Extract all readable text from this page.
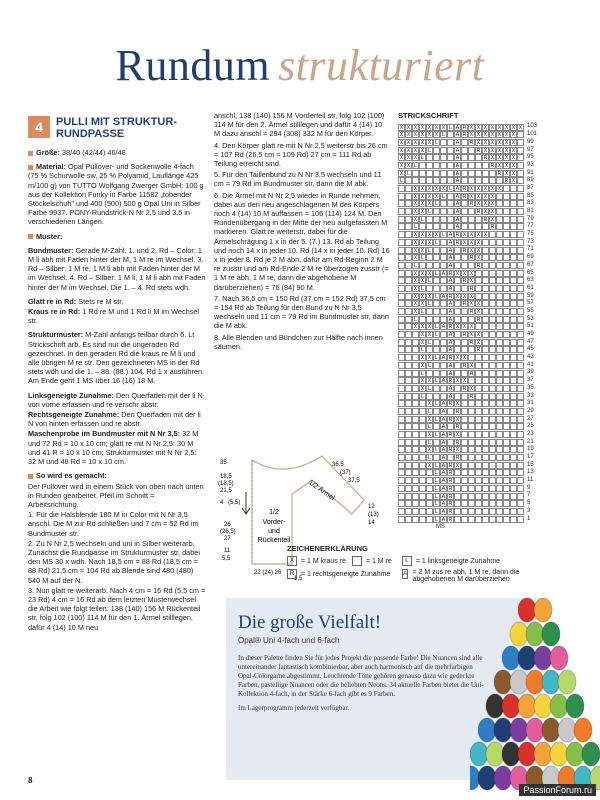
Rundum strukturiert
4 PULLI MIT STRUKTUR-RUNDPASSE

Größe: 38/40 (42/44) 46/48

Material: Opal Pullover- und Sockenwolle 4-fach (75 % Schurwolle sw, 25 % Polyamid, Lauflänge 425 m/100 g) von TUTTO Wolfgang Zwerger GmbH: 100 g aus der Kollektion Funky in Farbe 11582 „tobender Stöckelschuh" und 400 (500) 500 g Opal Uni in Silber Farbe 9937. PONY-Rundstrick-N Nr 2,5 und 3,5 in verschiedenen Längen.

Muster:

Bundmuster: Gerade M-Zahl. 1. und 2. Rd – Color: 1 M li abh mit Faden hinter der M, 1 M re im Wechsel. 3. Rd – Silber: 1 M re, 1 M li abh mit Faden hinter der M im Wechsel. 4. Rd – Silber: 1 M li, 1 M li abh mit Faden hinter der M im Wechsel. Die 1. – 4. Rd stets wdh.

Glatt re in Rd: Stets re M str.

Kraus re in Rd: 1 Rd re M und 1 Rd li M im Wechsel str.

Strukturmuster: M-Zahl anfangs teilbar durch 6. Lt Strickschrift arb. Es sind nur die ungeraden Rd gezeichnet. In den geraden Rd die kraus re M li und alle übrigen M re str. Den gezeichneten MS in der Rd stets wdh und die 1. – 88. (88.) 104. Rd 1 x ausführen. Am Ende geht 1 MS über 16 (16) 18 M.

Linksgeneigte Zunahme: Den Querfaden mit der li N von vorne erfassen und re verschr abstr.

Rechtsgeneigte Zunahme: Den Querfaden mit der li N von hinten erfassen und re abstr.

Maschenprobe im Bundmuster mit N Nr 3,5: 32 M und 72 Rd = 10 x 10 cm; glatt re mit N Nr 2,5: 30 M und 41 R = 10 x 10 cm; Strukturmuster mit N Nr 2,5: 32 M und 48 Rd = 10 x 10 cm.

So wird es gemacht:

Der Pullover wird in einem Stück von oben nach unten in Runden gearbeitet. Pfeil im Schnitt = Arbeitsrichtung.

1. Für die Halsblende 180 M in Color mit N Nr 3,5 anschl. Die M zur Rd schließen und 7 cm = 52 Rd im Bundmuster str.

2. Zu N Nr 2,5 wechseln und uni in Silber weiterarb. Zunächst die Rundpasse im Strukturmuster str, dabei den MS 30 x wdh. Nach 18,5 cm = 88 Rd (18,5 cm = 88 Rd) 21,5 cm = 104 Rd ab Blende sind 480 (480) 540 M auf der N.

3. Nun glatt re weiterarb. Nach 4 cm = 16 Rd (5,5 cm = 23 Rd) 4 cm = 16 Rd ab dem letzten Musterwechsel die Arbeit wie folgt teilen: 138 (140) 156 M Rückenteil str, folg 102 (100) 114 M für den 1. Ärmel stilllegen, dafür 4 (14) 10 M neu

anschl, 138 (140) 156 M Vorderteil str, folg 102 (100) 114 M für den 2. Ärmel stilllegen und dafür 4 (14) 10 M dazu anschl = 284 (308) 332 M für den Körper.

4. Den Körper glatt re mit N Nr 2,5 weiterstr bis 26 cm = 107 Rd (26,5 cm = 109 Rd) 27 cm = 111 Rd ab Teilung erreicht sind.

5. Für den Taillenbund zu N Nr 3,5 wechseln und 11 cm = 79 Rd im Bundmuster str, dann die M abk.

6. Die Ärmel mit N Nr 2,5 wieder in Runde nehmen, dabei aus den neu angeschlagenen M des Körpers noch 4 (14) 10 M auffassen = 106 (114) 124 M. Den Rundenübergang in der Mitte der neu aufgefassten M markieren. Glatt re weiterstr, dabei für die Ärmelschrägung 1 x in der 5. (7.) 13. Rd ab Teilung und noch 14 x in jeder 10. Rd (14 x in jeder 10. Rd) 16 x in jeder 8. Rd je 2 M abn, dafür am Rd-Beginn 2 M re zusstr und am Rd-Ende 2 M re überzogen zusstr (= 1 M re abh, 1 M re, dann die abgehobene M darüberziehen) = 76 (84) 90 M.

7. Nach 36,5 cm = 150 Rd (37 cm = 152 Rd) 37,5 cm = 154 Rd ab Teilung für den Bund zu N Nr 3,5 wechseln und 11 cm = 79 Rd im Bundmuster str, dann die M abk.

8. Alle Blenden und Bündchen zur Hälfte nach innen säumen.

1/2
Vorder-
und
Rückenteil
1/2 Ärmel
35
18,5
(18,5)
21,5
4 (5,5)
26
(26,5)
27
11
5,5
22 (24) 26
1,5
36,5
(37)
37,5
12
(13)
14
STRICKSCHRIFT
X X X X X X X L A R X X X X X X X X 103
X X X X X X L	A R X X X X X X X 101
X X X X X L	A	R X X X X X X 99
X X X X L	A	R X X X X X 97
X X X L	A	R X X X X 95
X X L	A	R X X X 93
X L	A	R X X 91
L	A	R X 89
X X X X X L A R X X X X X	87
X X X X L	A R X X X X	85
X X X L	A	R X X X	83
X X L	A	R X X	81
X L	A	R X	79
L	A	R	77
X X X X L A R X X X X	75
X X X L	A R X X X	73
X X L	A	R X X	71
X L	A	R X	69
L	A	R	67
X X X L A R X X X	65
X X L	A	R X	63
X L	A	R	61
X X X L A R X X X	59
X X L	A	R X X	57
X L	A	R X	55
L	A	R	53
X X X L A R X X X	51
X X L	A	R X X	49
X L	A	R X	47
L	A	R	45
X X L A R X X	43
X L	A	R X	41
L	A	R	39
X X L A R X X	37
X L	A	R X	35
L	A	R	33
X L A R X	31
L	A	R	29
X L A R X	27
L	A	R	25
X L A R X	23
L	A	R	21
X L A R X	19
L	A	R	17
X L A R X	15
L A R	13
L A R	11
L A R	9
L A R	7
L A R	5
L A R	3
L A R	1
MS
ZEICHENERKLÄRUNG
X	= 1 M kraus re	= 1 M re
R = 1 rechtsgeneigte Zunahme
L	= 1 linksgeneigte Zunahme
A = 2 M zus re abh, 1 M re, dann die abgehobenen M darüberziehen
Die große Vielfalt!
Opal® Uni 4-fach und 6-fach

In dieser Palette finden Sie für jedes Projekt die passende Farbe! Die Nuancen sind alle untereinander fantastisch kombinierbar, aber auch harmonisch auf die mehrfarbigen Opal-Colorgarne abgestimmt. Leuchtende Töne gehören genauso dazu wie gedeckte Farben, pastellige Nuancen oder die beliebten Neons. 34 aktuelle Farben bietet die Uni-Kollektion 4-fach, in der Stärke 6-fach gibt es 9 Farben.

Im Lagerprogramm jederzeit verfügbar.

8
PassionForum.ru
